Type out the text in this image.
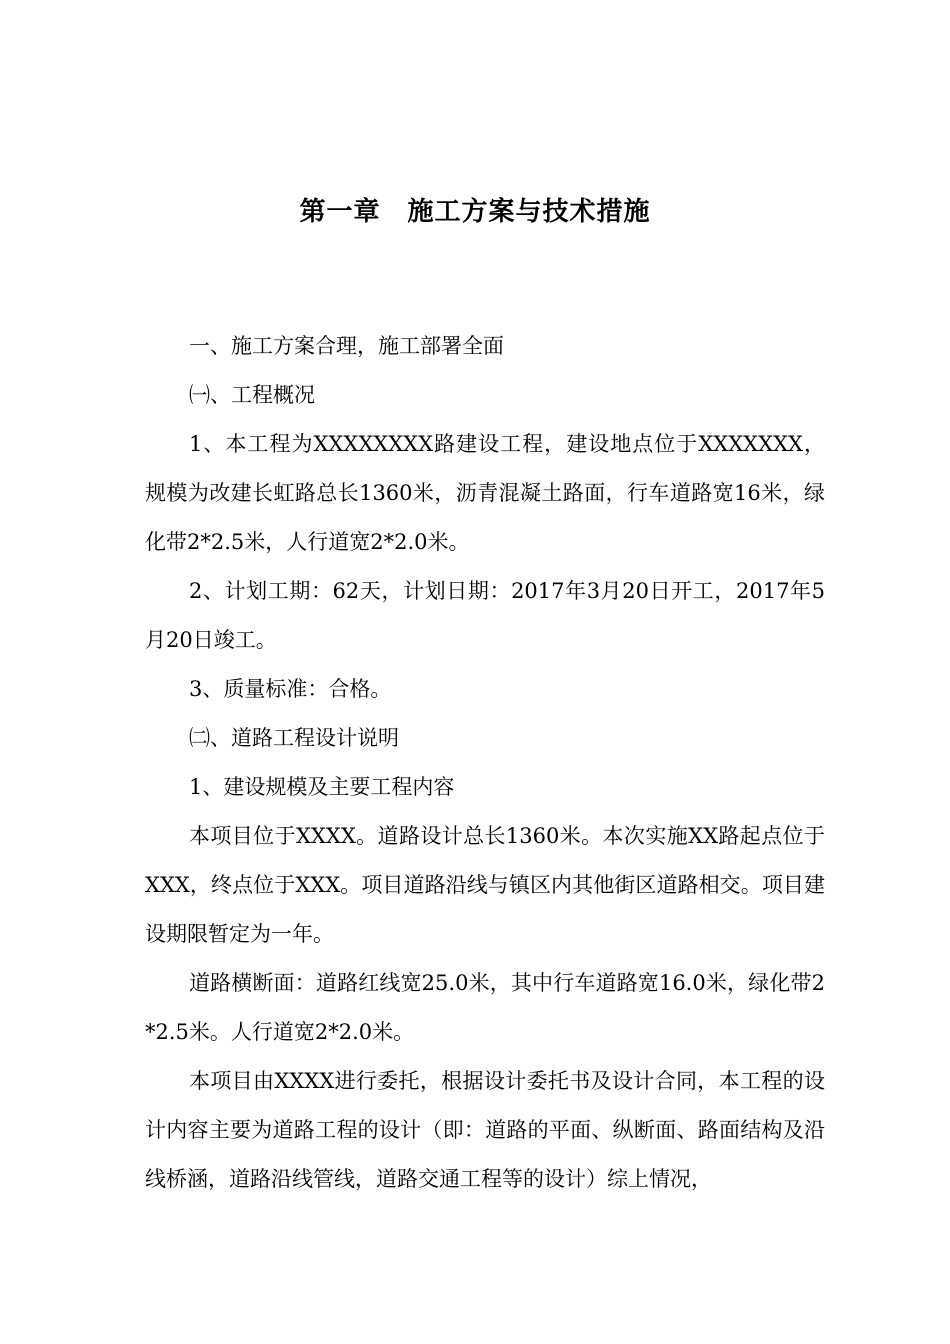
第一章　施工方案与技术措施

一、施工方案合理，施工部署全面

㈠、工程概况

1、本工程为XXXXXXXX路建设工程，建设地点位于XXXXXXX，规模为改建长虹路总长1360米，沥青混凝土路面，行车道路宽16米，绿化带2*2.5米，人行道宽2*2.0米。

2、计划工期：62天，计划日期：2017年3月20日开工，2017年5月20日竣工。

3、质量标准：合格。

㈡、道路工程设计说明

1、建设规模及主要工程内容

本项目位于XXXX。道路设计总长1360米。本次实施XX路起点位于XXX，终点位于XXX。项目道路沿线与镇区内其他街区道路相交。项目建设期限暂定为一年。

道路横断面：道路红线宽25.0米，其中行车道路宽16.0米，绿化带2*2.5米。人行道宽2*2.0米。

本项目由XXXX进行委托，根据设计委托书及设计合同，本工程的设计内容主要为道路工程的设计（即：道路的平面、纵断面、路面结构及沿线桥涵，道路沿线管线，道路交通工程等的设计）综上情况，
